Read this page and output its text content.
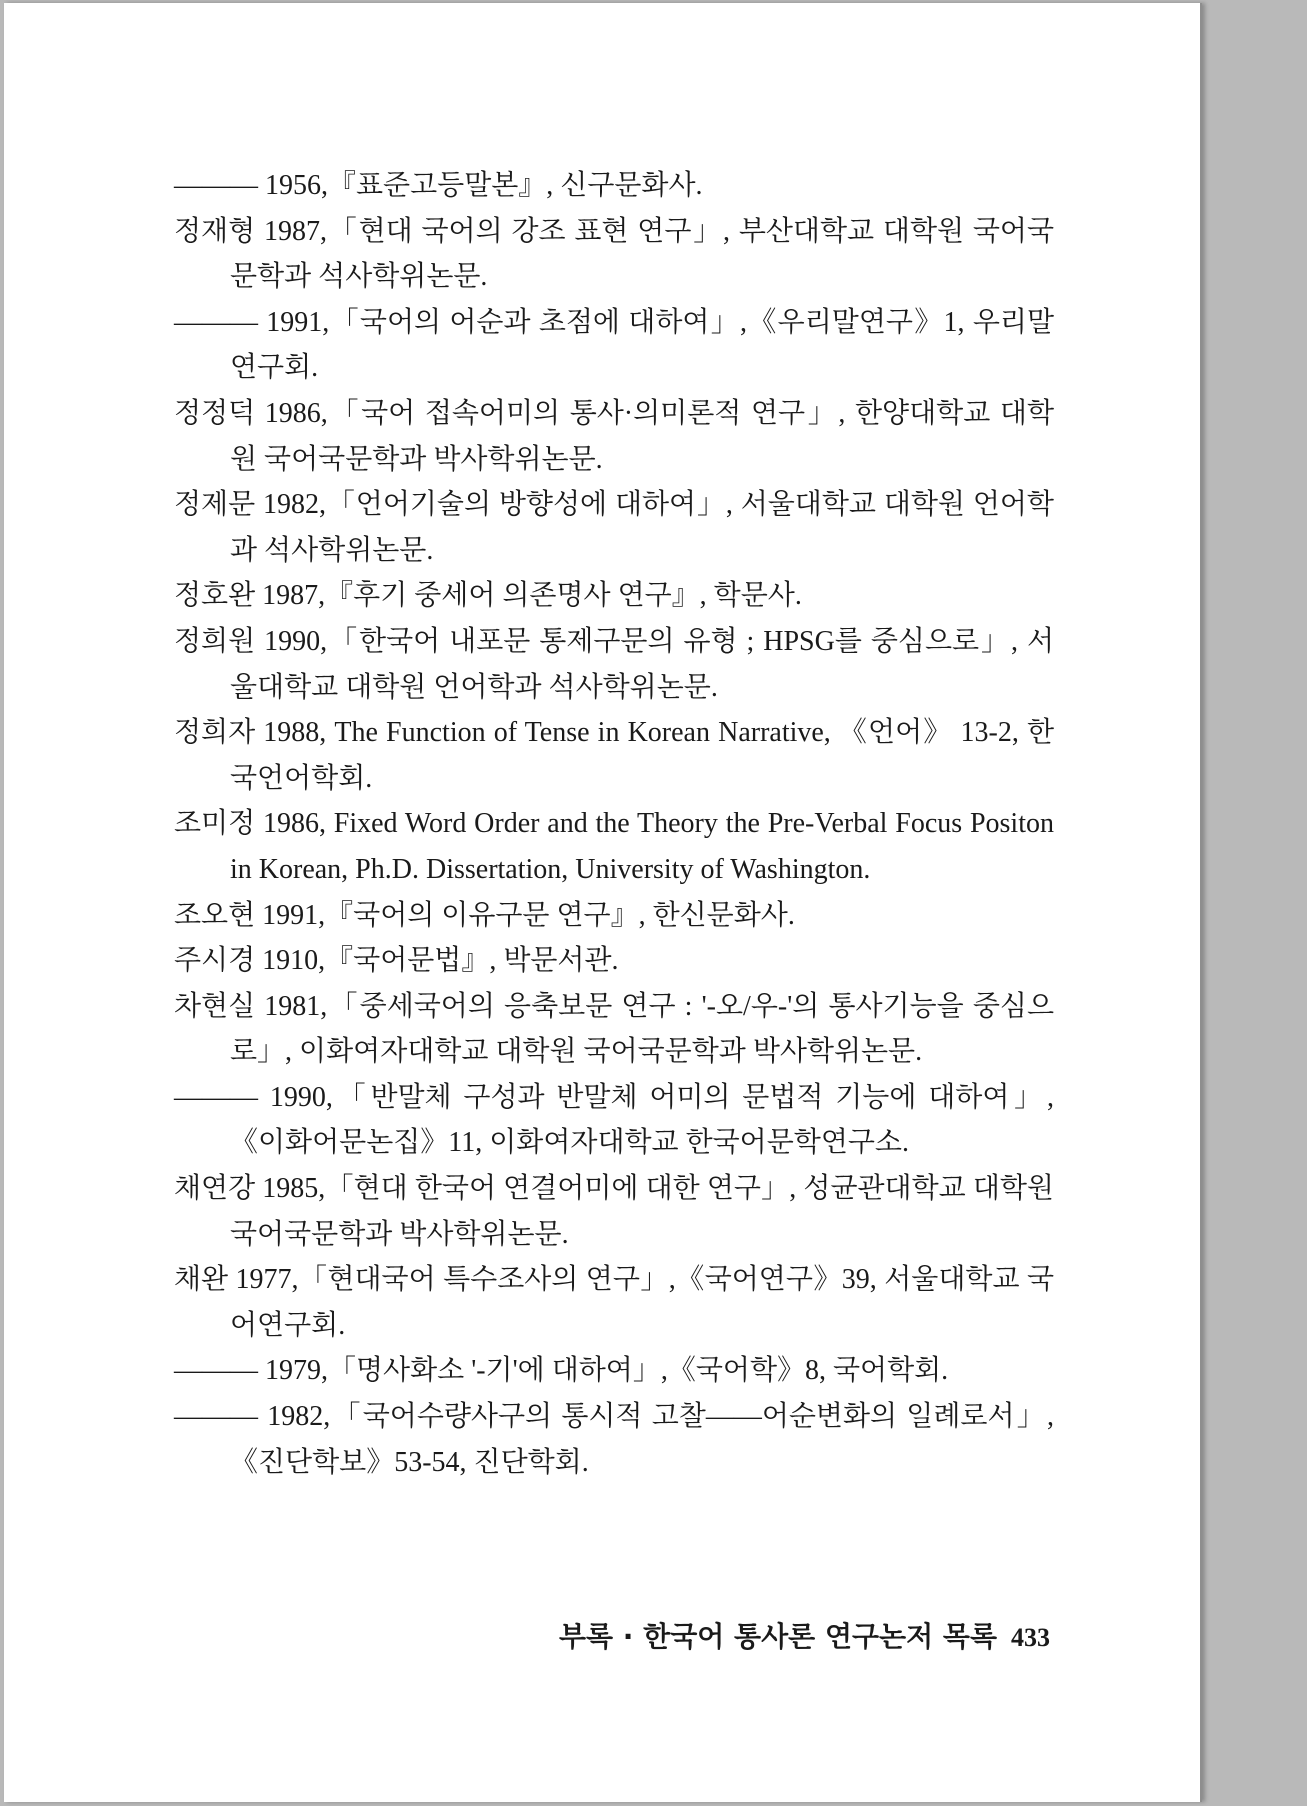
——— 1956,『표준고등말본』, 신구문화사.

정재형 1987,「현대 국어의 강조 표현 연구」, 부산대학교 대학원 국어국문학과 석사학위논문.

——— 1991,「국어의 어순과 초점에 대하여」,《우리말연구》1, 우리말연구회.

정정덕 1986,「국어 접속어미의 통사·의미론적 연구」, 한양대학교 대학원 국어국문학과 박사학위논문.

정제문 1982,「언어기술의 방향성에 대하여」, 서울대학교 대학원 언어학과 석사학위논문.

정호완 1987,『후기 중세어 의존명사 연구』, 학문사.

정희원 1990,「한국어 내포문 통제구문의 유형 ; HPSG를 중심으로」, 서울대학교 대학원 언어학과 석사학위논문.

정희자 1988, The Function of Tense in Korean Narrative, 《언어》 13-2, 한국언어학회.

조미정 1986, Fixed Word Order and the Theory the Pre-Verbal Focus Positon in Korean, Ph.D. Dissertation, University of Washington.

조오현 1991,『국어의 이유구문 연구』, 한신문화사.

주시경 1910,『국어문법』, 박문서관.

차현실 1981,「중세국어의 응축보문 연구 : '-오/우-'의 통사기능을 중심으로」, 이화여자대학교 대학원 국어국문학과 박사학위논문.

——— 1990,「반말체 구성과 반말체 어미의 문법적 기능에 대하여」,《이화어문논집》11, 이화여자대학교 한국어문학연구소.

채연강 1985,「현대 한국어 연결어미에 대한 연구」, 성균관대학교 대학원 국어국문학과 박사학위논문.

채완 1977,「현대국어 특수조사의 연구」,《국어연구》39, 서울대학교 국어연구회.

——— 1979,「명사화소 '-기'에 대하여」,《국어학》8, 국어학회.

——— 1982,「국어수량사구의 통시적 고찰——어순변화의 일례로서」,《진단학보》53-54, 진단학회.

부록 · 한국어 통사론 연구논저 목록 433
